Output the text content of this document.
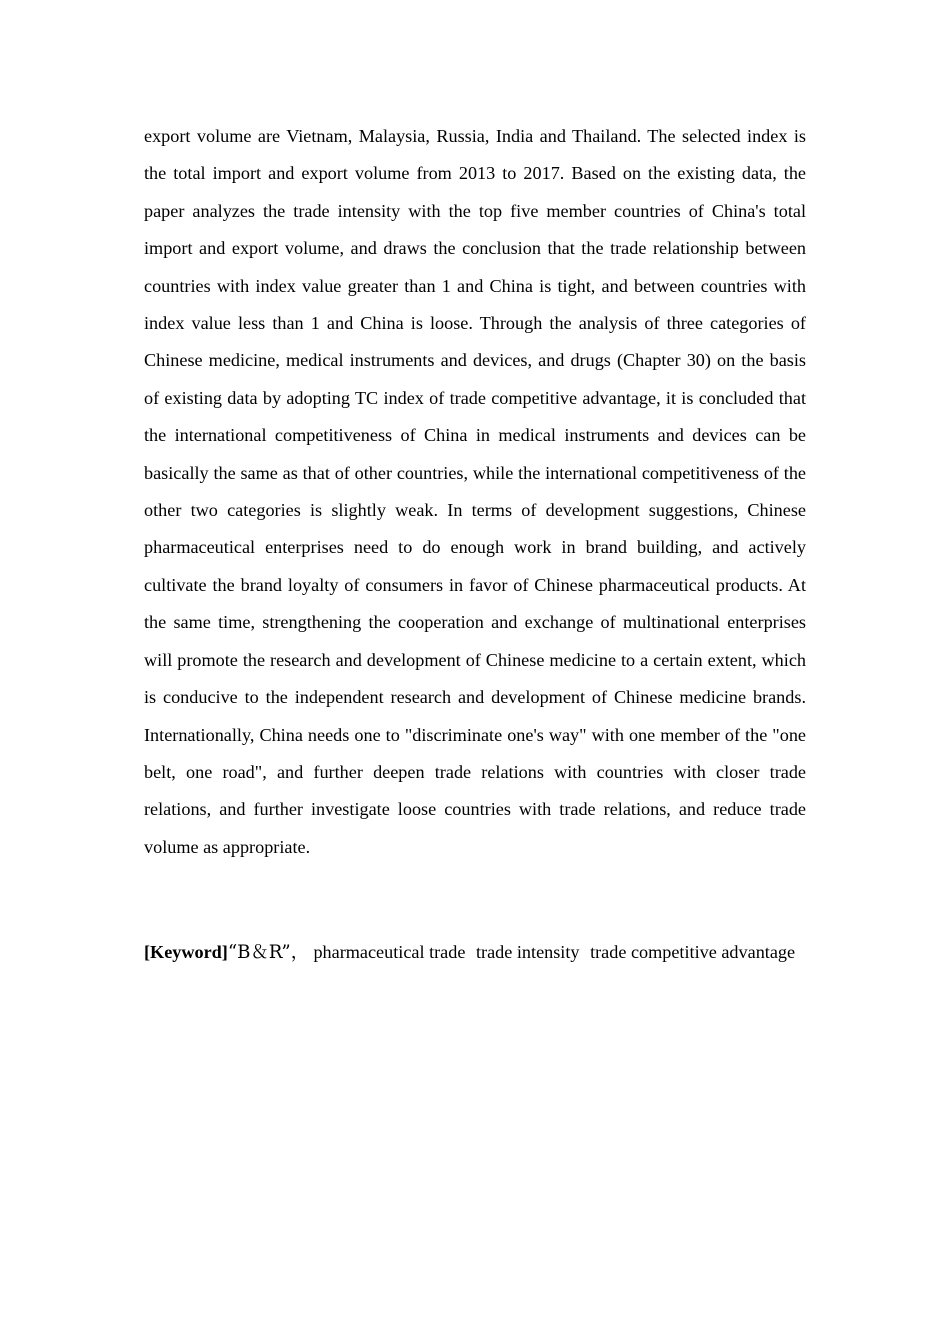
export volume are Vietnam, Malaysia, Russia, India and Thailand. The selected index is the total import and export volume from 2013 to 2017. Based on the existing data, the paper analyzes the trade intensity with the top five member countries of China's total import and export volume, and draws the conclusion that the trade relationship between countries with index value greater than 1 and China is tight, and between countries with index value less than 1 and China is loose. Through the analysis of three categories of Chinese medicine, medical instruments and devices, and drugs (Chapter 30) on the basis of existing data by adopting TC index of trade competitive advantage, it is concluded that the international competitiveness of China in medical instruments and devices can be basically the same as that of other countries, while the international competitiveness of the other two categories is slightly weak. In terms of development suggestions, Chinese pharmaceutical enterprises need to do enough work in brand building, and actively cultivate the brand loyalty of consumers in favor of Chinese pharmaceutical products. At the same time, strengthening the cooperation and exchange of multinational enterprises will promote the research and development of Chinese medicine to a certain extent, which is conducive to the independent research and development of Chinese medicine brands. Internationally, China needs one to "discriminate one's way" with one member of the "one belt, one road", and further deepen trade relations with countries with closer trade relations, and further investigate loose countries with trade relations, and reduce trade volume as appropriate.

[Keyword]“B＆R”， pharmaceutical trade trade intensity trade competitive advantage
